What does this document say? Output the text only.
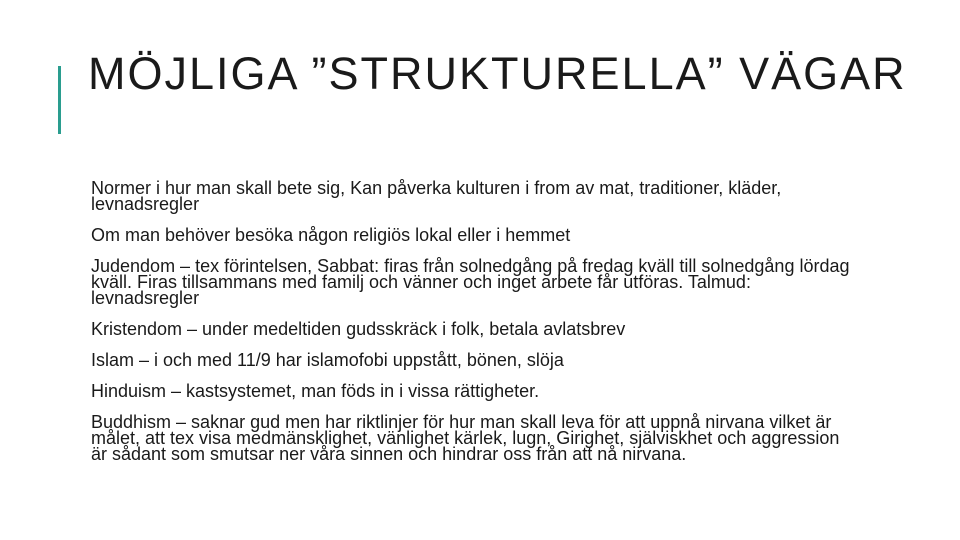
MÖJLIGA ”STRUKTURELLA” VÄGAR
Normer i hur man skall bete sig, Kan påverka kulturen i from av mat, traditioner, kläder, levnadsregler
Om man behöver besöka någon religiös lokal eller i hemmet
Judendom – tex förintelsen, Sabbat: firas från solnedgång på fredag kväll till solnedgång lördag kväll. Firas tillsammans med familj och vänner och inget arbete får utföras. Talmud: levnadsregler
Kristendom – under medeltiden gudsskräck i folk, betala avlatsbrev
Islam – i och med 11/9 har islamofobi uppstått, bönen, slöja
Hinduism – kastsystemet, man föds in i vissa rättigheter.
Buddhism – saknar gud men har riktlinjer för hur man skall leva för att uppnå nirvana vilket är målet, att tex visa medmänsklighet, vänlighet kärlek, lugn, Girighet, själviskhet och aggression är sådant som smutsar ner våra sinnen och hindrar oss från att nå nirvana.
